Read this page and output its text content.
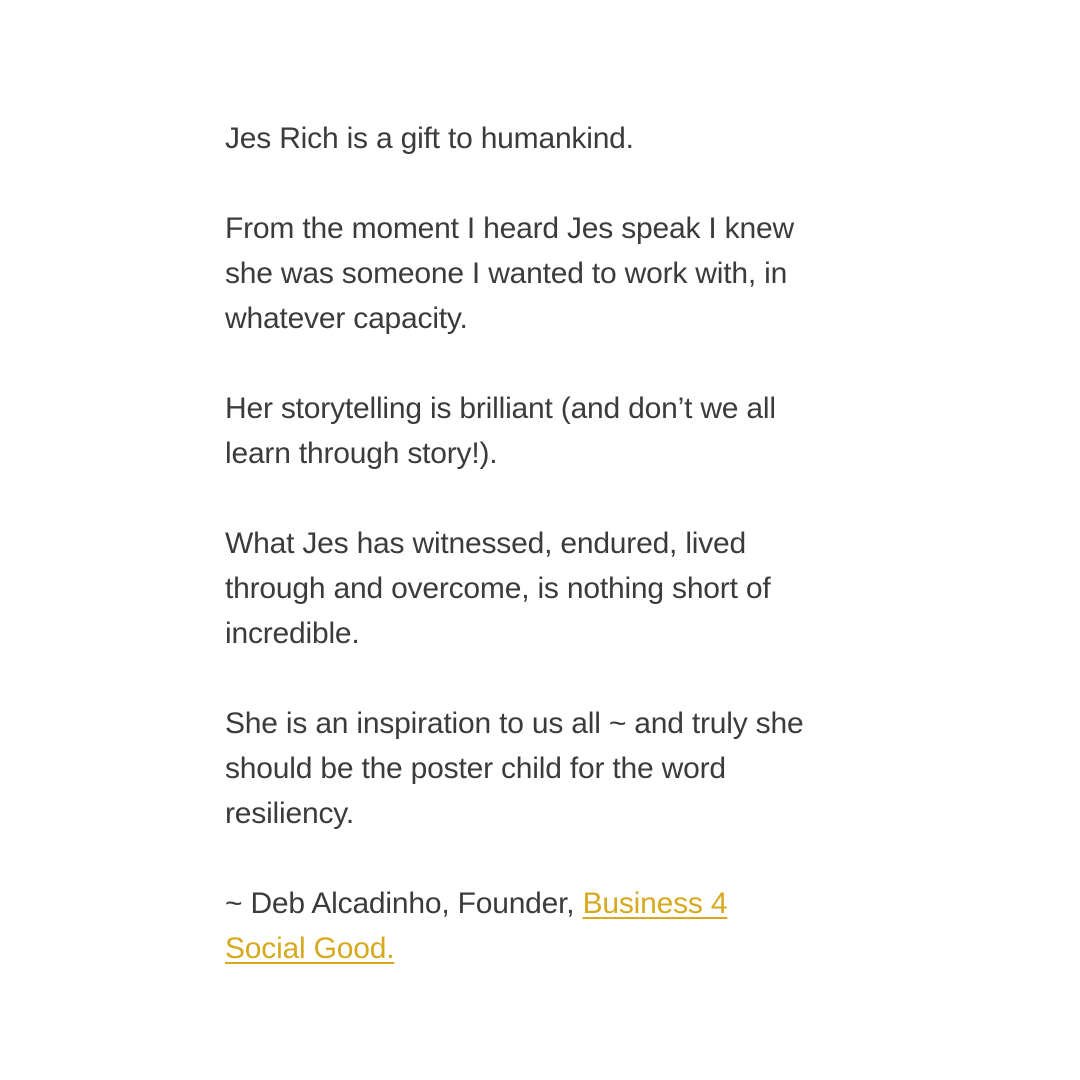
Jes Rich is a gift to humankind.
From the moment I heard Jes speak I knew
she was someone I wanted to work with, in
whatever capacity.
Her storytelling is brilliant (and don’t we all
learn through story!).
What Jes has witnessed, endured, lived
through and overcome, is nothing short of
incredible.
She is an inspiration to us all ~ and truly she
should be the poster child for the word
resiliency.
~ Deb Alcadinho, Founder, Business 4
Social Good.
